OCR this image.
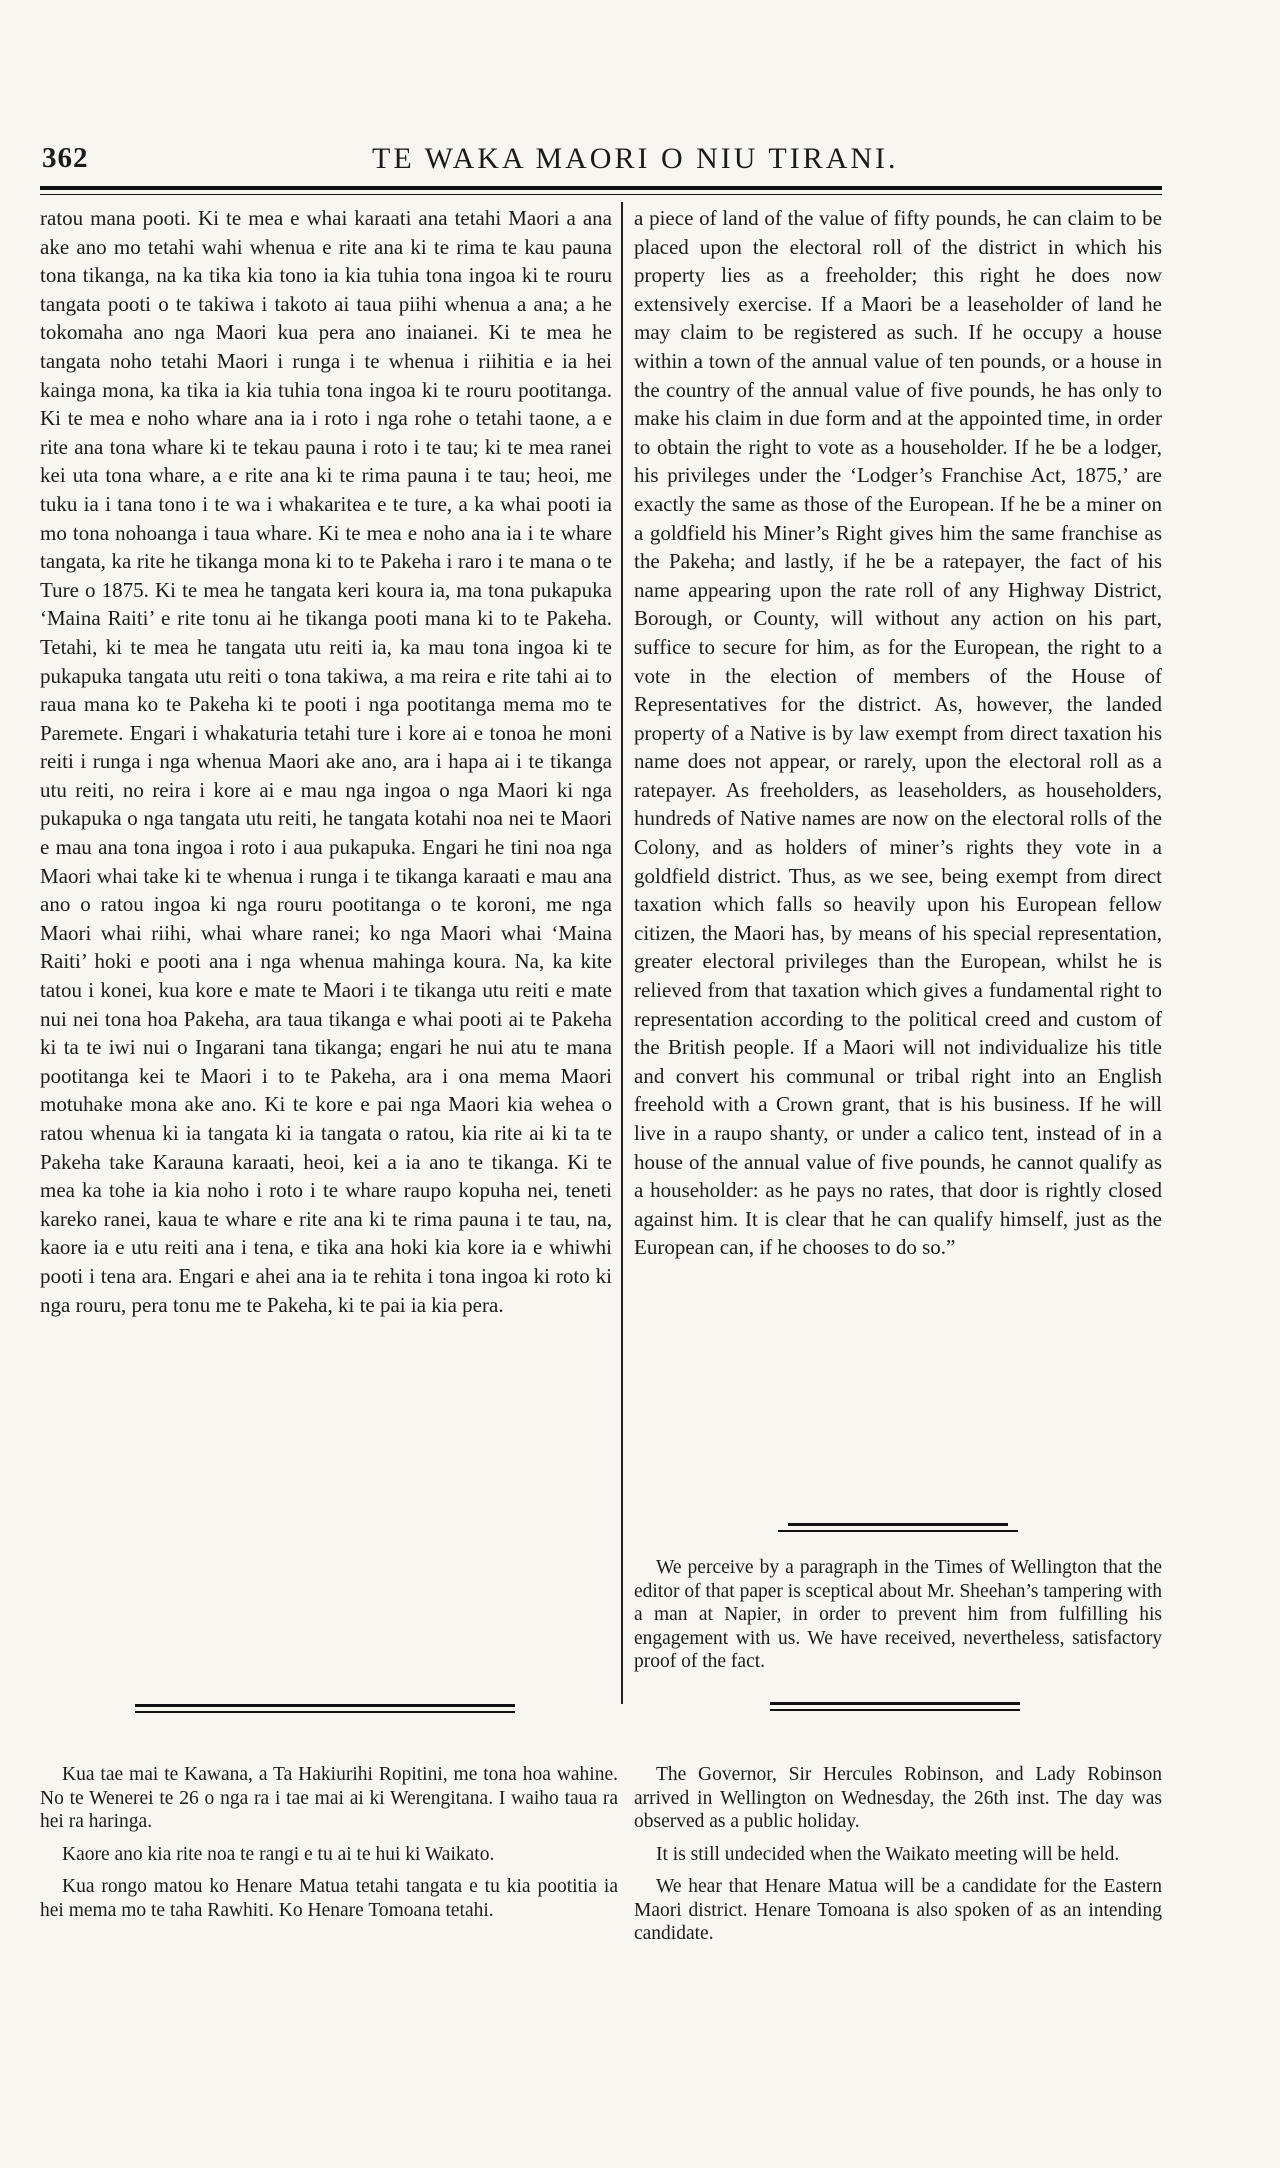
362	TE WAKA MAORI O NIU TIRANI.

ratou mana pooti. Ki te mea e whai karaati ana tetahi Maori a ana ake ano mo tetahi wahi whenua e rite ana ki te rima te kau pauna tona tikanga, na ka tika kia tono ia kia tuhia tona ingoa ki te rouru tangata pooti o te takiwa i takoto ai taua piihi whenua a ana; a he tokomaha ano nga Maori kua pera ano inaianei. Ki te mea he tangata noho tetahi Maori i runga i te whenua i riihitia e ia hei kainga mona, ka tika ia kia tuhia tona ingoa ki te rouru pootitanga. Ki te mea e noho whare ana ia i roto i nga rohe o tetahi taone, a e rite ana tona whare ki te tekau pauna i roto i te tau; ki te mea ranei kei uta tona whare, a e rite ana ki te rima pauna i te tau; heoi, me tuku ia i tana tono i te wa i whakaritea e te ture, a ka whai pooti ia mo tona nohoanga i taua whare. Ki te mea e noho ana ia i te whare tangata, ka rite he tikanga mona ki to te Pakeha i raro i te mana o te Ture o 1875. Ki te mea he tangata keri koura ia, ma tona pukapuka ‘Maina Raiti’ e rite tonu ai he tikanga pooti mana ki to te Pakeha. Tetahi, ki te mea he tangata utu reiti ia, ka mau tona ingoa ki te pukapuka tangata utu reiti o tona takiwa, a ma reira e rite tahi ai to raua mana ko te Pakeha ki te pooti i nga pootitanga mema mo te Paremete. Engari i whakaturia tetahi ture i kore ai e tonoa he moni reiti i runga i nga whenua Maori ake ano, ara i hapa ai i te tikanga utu reiti, no reira i kore ai e mau nga ingoa o nga Maori ki nga pukapuka o nga tangata utu reiti, he tangata kotahi noa nei te Maori e mau ana tona ingoa i roto i aua pukapuka. Engari he tini noa nga Maori whai take ki te whenua i runga i te tikanga karaati e mau ana ano o ratou ingoa ki nga rouru pootitanga o te koroni, me nga Maori whai riihi, whai whare ranei; ko nga Maori whai ‘Maina Raiti’ hoki e pooti ana i nga whenua mahinga koura. Na, ka kite tatou i konei, kua kore e mate te Maori i te tikanga utu reiti e mate nui nei tona hoa Pakeha, ara taua tikanga e whai pooti ai te Pakeha ki ta te iwi nui o Ingarani tana tikanga; engari he nui atu te mana pootitanga kei te Maori i to te Pakeha, ara i ona mema Maori motuhake mona ake ano. Ki te kore e pai nga Maori kia wehea o ratou whenua ki ia tangata ki ia tangata o ratou, kia rite ai ki ta te Pakeha take Karauna karaati, heoi, kei a ia ano te tikanga. Ki te mea ka tohe ia kia noho i roto i te whare raupo kopuha nei, teneti kareko ranei, kaua te whare e rite ana ki te rima pauna i te tau, na, kaore ia e utu reiti ana i tena, e tika ana hoki kia kore ia e whiwhi pooti i tena ara. Engari e ahei ana ia te rehita i tona ingoa ki roto ki nga rouru, pera tonu me te Pakeha, ki te pai ia kia pera.

a piece of land of the value of fifty pounds, he can claim to be placed upon the electoral roll of the district in which his property lies as a freeholder; this right he does now extensively exercise. If a Maori be a leaseholder of land he may claim to be registered as such. If he occupy a house within a town of the annual value of ten pounds, or a house in the country of the annual value of five pounds, he has only to make his claim in due form and at the appointed time, in order to obtain the right to vote as a householder. If he be a lodger, his privileges under the ‘Lodger’s Franchise Act, 1875,’ are exactly the same as those of the European. If he be a miner on a goldfield his Miner’s Right gives him the same franchise as the Pakeha; and lastly, if he be a ratepayer, the fact of his name appearing upon the rate roll of any Highway District, Borough, or County, will without any action on his part, suffice to secure for him, as for the European, the right to a vote in the election of members of the House of Representatives for the district. As, however, the landed property of a Native is by law exempt from direct taxation his name does not appear, or rarely, upon the electoral roll as a ratepayer. As freeholders, as leaseholders, as householders, hundreds of Native names are now on the electoral rolls of the Colony, and as holders of miner’s rights they vote in a goldfield district. Thus, as we see, being exempt from direct taxation which falls so heavily upon his European fellow citizen, the Maori has, by means of his special representation, greater electoral privileges than the European, whilst he is relieved from that taxation which gives a fundamental right to representation according to the political creed and custom of the British people. If a Maori will not individualize his title and convert his communal or tribal right into an English freehold with a Crown grant, that is his business. If he will live in a raupo shanty, or under a calico tent, instead of in a house of the annual value of five pounds, he cannot qualify as a householder: as he pays no rates, that door is rightly closed against him. It is clear that he can qualify himself, just as the European can, if he chooses to do so.”

We perceive by a paragraph in the Times of Wellington that the editor of that paper is sceptical about Mr. Sheehan’s tampering with a man at Napier, in order to prevent him from fulfilling his engagement with us. We have received, nevertheless, satisfactory proof of the fact.

Kua tae mai te Kawana, a Ta Hakiurihi Ropitini, me tona hoa wahine. No te Wenerei te 26 o nga ra i tae mai ai ki Werengitana. I waiho taua ra hei ra haringa.

Kaore ano kia rite noa te rangi e tu ai te hui ki Waikato.

Kua rongo matou ko Henare Matua tetahi tangata e tu kia pootitia ia hei mema mo te taha Rawhiti. Ko Henare Tomoana tetahi.

The Governor, Sir Hercules Robinson, and Lady Robinson arrived in Wellington on Wednesday, the 26th inst. The day was observed as a public holiday.

It is still undecided when the Waikato meeting will be held.

We hear that Henare Matua will be a candidate for the Eastern Maori district. Henare Tomoana is also spoken of as an intending candidate.
